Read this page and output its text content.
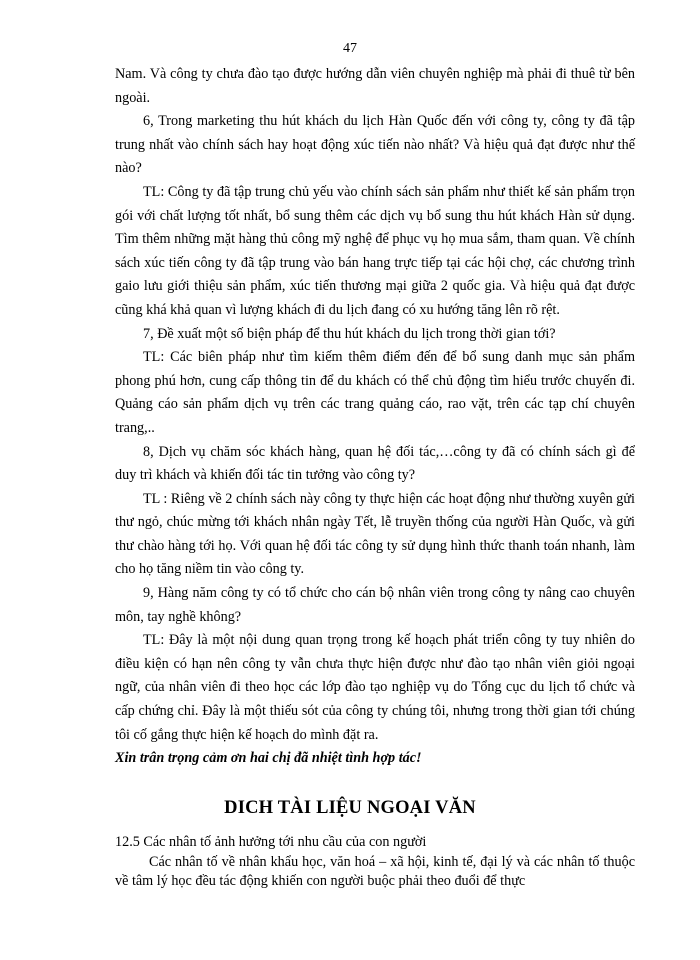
47

Nam. Và công ty chưa đào tạo được hướng dẫn viên chuyên nghiệp mà phải đi thuê từ bên ngoài.

6, Trong marketing thu hút khách du lịch Hàn Quốc đến với công ty, công ty đã tập trung nhất vào chính sách hay hoạt động xúc tiến nào nhất? Và hiệu quả đạt được như thế nào?

TL: Công ty đã tập trung chủ yếu vào chính sách sản phẩm như thiết kế sản phẩm trọn gói với chất lượng tốt nhất, bổ sung thêm các dịch vụ bổ sung thu hút khách Hàn sử dụng. Tìm thêm những mặt hàng thủ công mỹ nghệ để phục vụ họ mua sắm, tham quan. Về chính sách xúc tiến công ty đã tập trung vào bán hang trực tiếp tại các hội chợ, các chương trình gaio lưu giới thiệu sản phẩm, xúc tiến thương mại giữa 2 quốc gia. Và hiệu quả đạt được cũng khá khả quan vì lượng khách đi du lịch đang có xu hướng tăng lên rõ rệt.

7, Đề xuất một số biện pháp để thu hút khách du lịch trong thời gian tới?

TL: Các biên pháp như tìm kiếm thêm điểm đến để bổ sung danh mục sản phẩm phong phú hơn, cung cấp thông tin để du khách có thể chủ động tìm hiểu trước chuyến đi. Quảng cáo sản phẩm dịch vụ trên các trang quảng cáo, rao vặt, trên các tạp chí chuyên trang,..

8, Dịch vụ chăm sóc khách hàng, quan hệ đối tác,…công ty đã có chính sách gì để duy trì khách và khiến đối tác tin tưởng vào công ty?

TL : Riêng về 2 chính sách này công ty thực hiện các hoạt động như thường xuyên gửi thư ngỏ, chúc mừng tới khách nhân ngày Tết, lễ truyền thống của người Hàn Quốc, và gửi thư chào hàng tới họ. Với quan hệ đối tác công ty sử dụng hình thức thanh toán nhanh, làm cho họ tăng niềm tin vào công ty.

9, Hàng năm công ty có tổ chức cho cán bộ nhân viên trong công ty nâng cao chuyên môn, tay nghề không?

TL: Đây là một nội dung quan trọng trong kế hoạch phát triển công ty tuy nhiên do điều kiện có hạn nên công ty vẫn chưa thực hiện được như đào tạo nhân viên giỏi ngoại ngữ, của nhân viên đi theo học các lớp đào tạo nghiệp vụ do Tổng cục du lịch tổ chức và cấp chứng chỉ. Đây là một thiếu sót của công ty chúng tôi, nhưng trong thời gian tới chúng tôi cố gắng thực hiện kế hoạch do mình đặt ra.

Xin trân trọng cảm ơn hai chị đã nhiệt tình hợp tác!

DICH TÀI LIỆU NGOẠI VĂN

12.5 Các nhân tố ảnh hưởng tới nhu cầu của con người

Các nhân tố về nhân khẩu học, văn hoá – xã hội, kinh tế, đại lý và các nhân tố thuộc về tâm lý học đều tác động khiến con người buộc phải theo đuổi để thực
